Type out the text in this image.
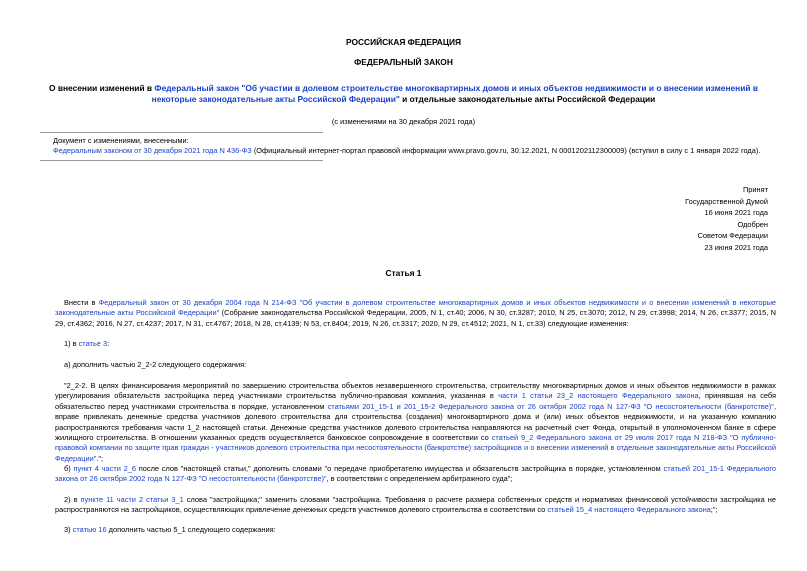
РОССИЙСКАЯ ФЕДЕРАЦИЯ
ФЕДЕРАЛЬНЫЙ ЗАКОН
О внесении изменений в Федеральный закон "Об участии в долевом строительстве многоквартирных домов и иных объектов недвижимости и о внесении изменений в некоторые законодательные акты Российской Федерации" и отдельные законодательные акты Российской Федерации
(с изменениями на 30 декабря 2021 года)
Документ с изменениями, внесенными:
Федеральным законом от 30 декабря 2021 года N 436-ФЗ (Официальный интернет-портал правовой информации www.pravo.gov.ru, 30.12.2021, N 0001202112300009) (вступил в силу с 1 января 2022 года).
Принят
Государственной Думой
16 июня 2021 года
Одобрен
Советом Федерации
23 июня 2021 года
Статья 1
Внести в Федеральный закон от 30 декабря 2004 года N 214-ФЗ "Об участии в долевом строительстве многоквартирных домов и иных объектов недвижимости и о внесении изменений в некоторые законодательные акты Российской Федерации" (Собрание законодательства Российской Федерации, 2005, N 1, ст.40; 2006, N 30, ст.3287; 2010, N 25, ст.3070; 2012, N 29, ст.3998; 2014, N 26, ст.3377; 2015, N 29, ст.4362; 2016, N 27, ст.4237; 2017, N 31, ст.4767; 2018, N 28, ст.4139; N 53, ст.8404; 2019, N 26, ст.3317; 2020, N 29, ст.4512; 2021, N 1, ст.33) следующие изменения:
1) в статье 3:
а) дополнить частью 2_2-2 следующего содержания:
"2_2-2. В целях финансирования мероприятий по завершению строительства объектов незавершенного строительства, строительству многоквартирных домов и иных объектов недвижимости в рамках урегулирования обязательств застройщика перед участниками строительства публично-правовая компания, указанная в части 1 статьи 23_2 настоящего Федерального закона, принявшая на себя обязательство перед участниками строительства в порядке, установленном статьями 201_15-1 и 201_15-2 Федерального закона от 26 октября 2002 года N 127-ФЗ "О несостоятельности (банкротстве)", вправе привлекать денежные средства участников долевого строительства для строительства (создания) многоквартирного дома и (или) иных объектов недвижимости, и на указанную компанию распространяются требования части 1_2 настоящей статьи. Денежные средства участников долевого строительства направляются на расчетный счет Фонда, открытый в уполномоченном банке в сфере жилищного строительства. В отношении указанных средств осуществляется банковское сопровождение в соответствии со статьей 9_2 Федерального закона от 29 июля 2017 года N 218-ФЗ "О публично-правовой компании по защите прав граждан - участников долевого строительства при несостоятельности (банкротстве) застройщиков и о внесении изменений в отдельные законодательные акты Российской Федерации".";
б) пункт 4 части 2_6 после слов "настоящей статьи," дополнить словами "о передаче приобретателю имущества и обязательств застройщика в порядке, установленном статьей 201_15-1 Федерального закона от 26 октября 2002 года N 127-ФЗ "О несостоятельности (банкротстве)", в соответствии с определением арбитражного суда";
2) в пункте 11 части 2 статьи 3_1 слова "застройщика;" заменить словами "застройщика. Требования о расчете размера собственных средств и нормативах финансовой устойчивости застройщика не распространяются на застройщиков, осуществляющих привлечение денежных средств участников долевого строительства в соответствии со статьей 15_4 настоящего Федерального закона;";
3) статью 16 дополнить частью 5_1 следующего содержания:
